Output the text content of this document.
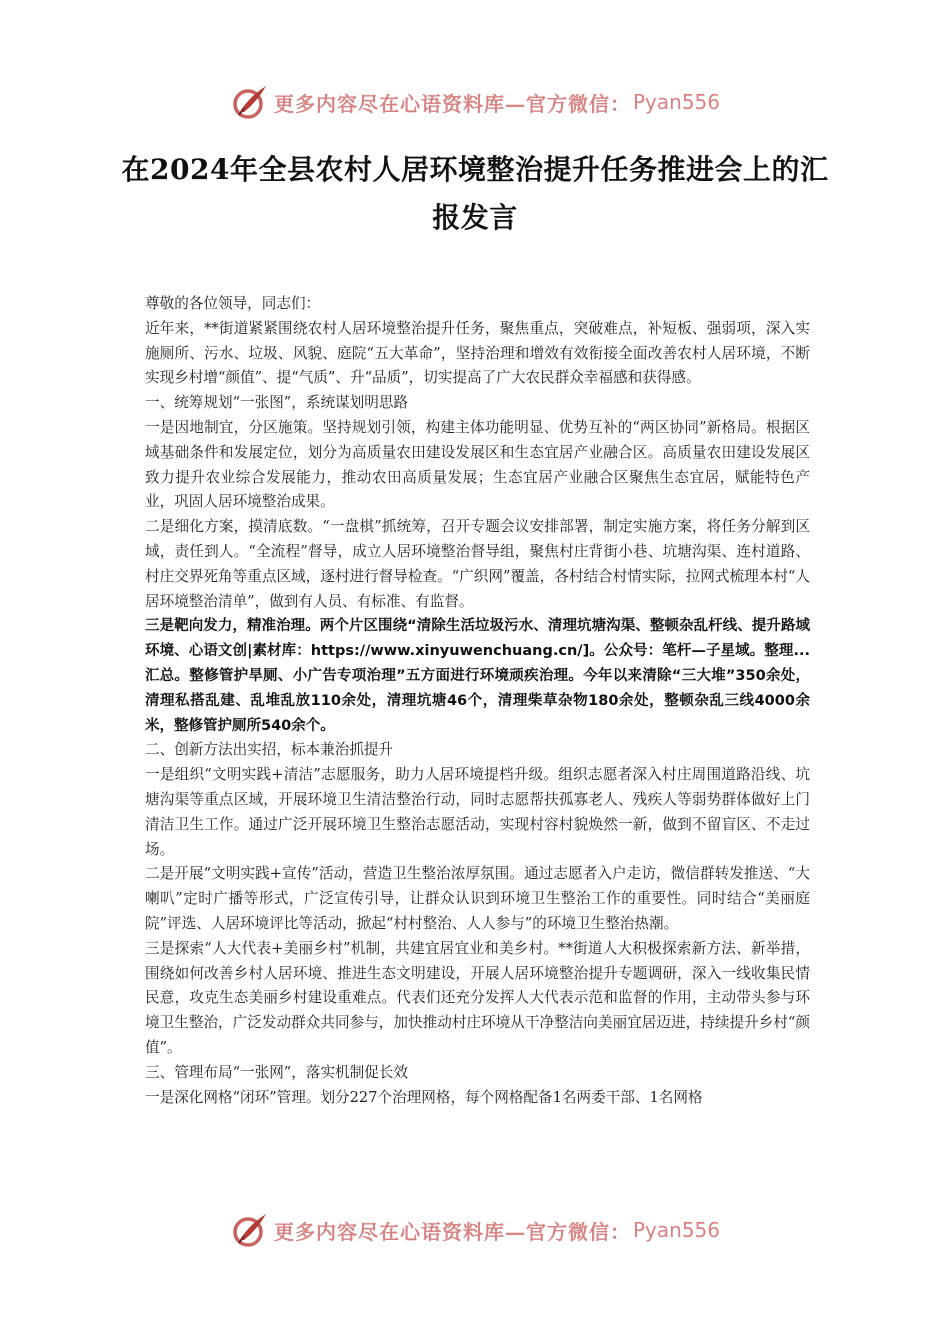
更多内容尽在心语资料库—官方微信： Pyan556
在2024年全县农村人居环境整治提升任务推进会上的汇报发言

尊敬的各位领导，同志们：

近年来，**街道紧紧围绕农村人居环境整治提升任务，聚焦重点，突破难点，补短板、强弱项，深入实施厕所、污水、垃圾、风貌、庭院“五大革命”，坚持治理和增效有效衔接全面改善农村人居环境，不断实现乡村增“颜值”、提“气质”、升“品质”，切实提高了广大农民群众幸福感和获得感。

一、统筹规划“一张图”，系统谋划明思路

一是因地制宜，分区施策。坚持规划引领，构建主体功能明显、优势互补的“两区协同”新格局。根据区域基础条件和发展定位，划分为高质量农田建设发展区和生态宜居产业融合区。高质量农田建设发展区致力提升农业综合发展能力，推动农田高质量发展；生态宜居产业融合区聚焦生态宜居，赋能特色产业，巩固人居环境整治成果。

二是细化方案，摸清底数。“一盘棋”抓统筹，召开专题会议安排部署，制定实施方案，将任务分解到区域，责任到人。“全流程”督导，成立人居环境整治督导组，聚焦村庄背街小巷、坑塘沟渠、连村道路、村庄交界死角等重点区域，逐村进行督导检查。“广织网”覆盖，各村结合村情实际，拉网式梳理本村“人居环境整治清单”，做到有人员、有标准、有监督。

三是靶向发力，精准治理。两个片区围绕“清除生活垃圾污水、清理坑塘沟渠、整顿杂乱杆线、提升路域环境、心语文创|素材库：https://www.xinyuwenchuang.cn/]。公众号：笔杆—子星域。整理...汇总。整修管护旱厕、小广告专项治理”五方面进行环境顽疾治理。今年以来清除“三大堆”350余处，清理私搭乱建、乱堆乱放110余处，清理坑塘46个，清理柴草杂物180余处，整顿杂乱三线4000余米，整修管护厕所540余个。

二、创新方法出实招，标本兼治抓提升

一是组织“文明实践+清洁”志愿服务，助力人居环境提档升级。组织志愿者深入村庄周围道路沿线、坑塘沟渠等重点区域，开展环境卫生清洁整治行动，同时志愿帮扶孤寡老人、残疾人等弱势群体做好上门清洁卫生工作。通过广泛开展环境卫生整治志愿活动，实现村容村貌焕然一新，做到不留盲区、不走过场。

二是开展“文明实践+宣传”活动，营造卫生整治浓厚氛围。通过志愿者入户走访，微信群转发推送、“大喇叭”定时广播等形式，广泛宣传引导，让群众认识到环境卫生整治工作的重要性。同时结合“美丽庭院”评选、人居环境评比等活动，掀起“村村整治、人人参与”的环境卫生整治热潮。

三是探索“人大代表+美丽乡村”机制，共建宜居宜业和美乡村。**街道人大积极探索新方法、新举措，围绕如何改善乡村人居环境、推进生态文明建设，开展人居环境整治提升专题调研，深入一线收集民情民意，攻克生态美丽乡村建设重难点。代表们还充分发挥人大代表示范和监督的作用，主动带头参与环境卫生整治，广泛发动群众共同参与，加快推动村庄环境从干净整洁向美丽宜居迈进，持续提升乡村“颜值”。

三、管理布局“一张网”，落实机制促长效

一是深化网格“闭环”管理。划分227个治理网格，每个网格配备1名两委干部、1名网格

更多内容尽在心语资料库—官方微信： Pyan556
